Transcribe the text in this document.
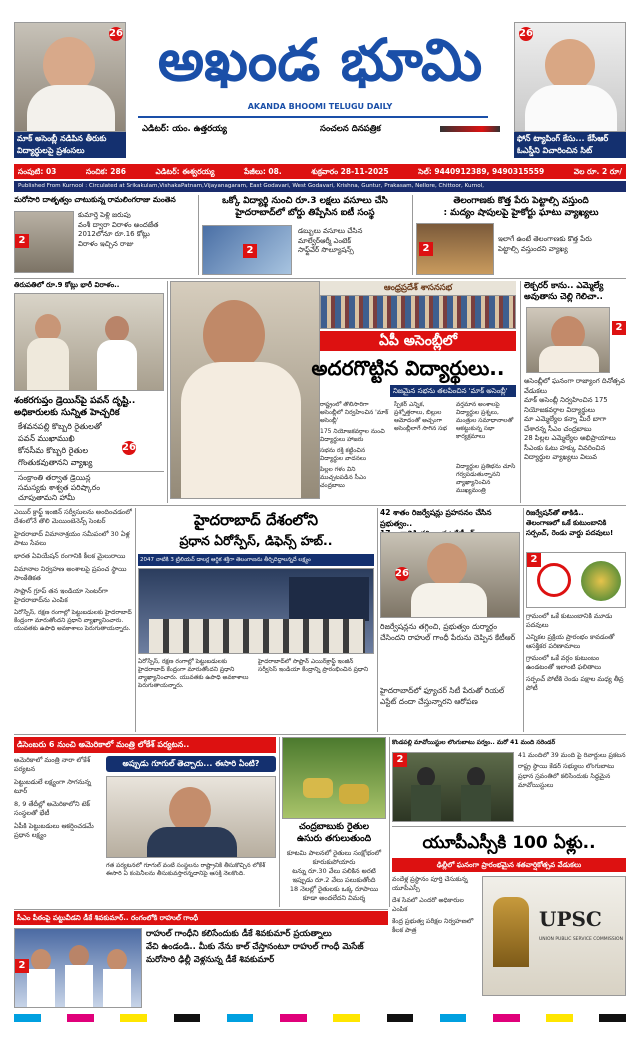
26
మాక్ అసెంబ్లీ నడిపిన తీరుకు విద్యార్థులపై ప్రశంసలు
అఖండ భూమి
AKANDA BHOOMI TELUGU DAILY
ఎడిటర్: యం. ఉత్తరయ్య	సంచలన దినపత్రిక
26
ఫోన్ ట్యాపింగ్ కేసు... కేసీఆర్ ఓఎస్డీని విచారించిన సిట్
సంపుటి: 03	సంచిక: 286	ఎడిటర్: ఈశ్వరయ్య	పేజీలు: 08.	శుక్రవారం 28-11-2025	సెల్: 9440912389, 9490315559	వెల రూ. 2 రూ/
Published From Kurnool : Circulated at Srikakulam,VishakaPatnam,Vijayanagaram, East Godavari, West Godavari, Krishna, Guntur, Prakasam, Nellore, Chittoor, Kurnol,
మరోసారి దాతృత్వం చాటుకున్న రామలింగరాజు మంతెన
2
కుమార్తె పెళ్లి జరుపు
వంశీ ద్వారా విరాళం అందజేత
2012లోనూ రూ.16 కోట్లు
విరాళం ఇచ్చిన రాజు
ఒక్కో విద్యార్థి నుంచి రూ.3 లక్షలు వసూలు చేసి
హైదరాబాద్‌లో బోర్డు తిప్పేసిన ఐటీ సంస్థ
2
డబ్బులు వసూలు చేసిన
మాల్వేర్‌ఆర్మీ ఎంటెక్
సాఫ్ట్‌వేర్ సొల్యూషన్స్
తెలంగాణకు కొత్త పేరు పెట్టాల్సి వస్తుంది
: మద్యం షాపులపై హైకోర్టు ఘాటు వ్యాఖ్యలు
2
ఇలాగే ఉంటే తెలంగాణకు కొత్త పేరు
పెట్టాల్సి వస్తుందని వ్యాఖ్య
తిరుపతిలో రూ.9 కోట్లు భారీ విరాళం..
శంకరగుప్తం డ్రెయిన్‌పై పవన్ దృష్టి..
అధికారులకు సున్నిత హెచ్చరిక
కేశవనపల్లి కొబ్బరి రైతులతో
పవన్ ముఖాముఖి
కోనసీమ కొబ్బరి రైతుల
గొంతుకవుతానని వ్యాఖ్య
26
సంక్రాంతి తర్వాత డ్రెయిన్ల
సమస్యకు శాశ్వత పరిష్కారం
చూపుతామని హామీ
ఆంధ్రప్రదేశ్ శాసనసభ
ఏపీ అసెంబ్లీలో
అదరగొట్టిన విద్యార్థులు..
నిజమైన సభను తలపించిన 'మాక్ అసెంబ్లీ'
రాష్ట్రంలో తొలిసారిగా అసెంబ్లీలో నిర్వహించిన 'మాక్ అసెంబ్లీ'
175 నియోజకవర్గాల నుంచి విద్యార్థులు హాజరు
సభను రక్తి కట్టించిన విద్యార్థుల వాదనలు
పిల్లల గళం విని ముచ్చటపడిన సీఎం చంద్రబాబు
స్పీకర్ ఎన్నిక, ప్రశ్నోత్తరాలు, బిల్లుల ఆమోదంతో అచ్చంగా అసెంబ్లీలాగే సాగిన సభ
వర్తమాన అంశాలపై విద్యార్థుల ప్రశ్నలు, మంత్రుల సమాధానాలతో ఆకట్టుకున్న సభా కార్యక్రమాలు
విద్యార్థుల ప్రతిభను చూసి గర్వపడుతున్నానని వ్యాఖ్యానించిన ముఖ్యమంత్రి
లెక్చరర్ కాను.. ఎమ్మెల్యే
అవుతాను చెల్లి గెలిచా..
2
అసెంబ్లీలో ఘనంగా రాజ్యాంగ దినోత్సవ వేడుకలు
మాక్ అసెంబ్లీ నిర్వహించిన 175 నియోజకవర్గాల విద్యార్థులు
మా ఎమ్మెల్యేల కన్నా మీరే బాగా చేశారన్న సీఎం చంద్రబాబు
28 పిల్లల ఎమ్మెల్యేల అభిప్రాయాలు
సీఎంకు ఓటు హక్కు వివరించిన విద్యార్థుల వ్యాఖ్యలు విలువ
ఎయిర్ క్రాఫ్ట్ ఇంజిన్ సర్వీసులను అందించడంలో దేశంలోనే తొలి మెయింటెనెన్స్ సెంటర్
హైదరాబాద్ విమానాశ్రయం సమీపంలో 30 ఏళ్ల పాటు సేవలు
భారత ఏవియేషన్ రంగానికి కీలక మైలురాయి
విమానాల నిర్వహణ అంశాలపై ప్రపంచ స్థాయి సాంకేతికత
సాఫ్రాన్ గ్రూప్ తన ఇండియా సెంటర్‌గా హైదరాబాద్‌ను ఎంపిక
ఏరోస్పేస్, రక్షణ రంగాల్లో పెట్టుబడులకు హైదరాబాద్ కేంద్రంగా మారుతోందని ప్రధాని వ్యాఖ్యానించారు. యువతకు ఉపాధి అవకాశాలు పెరుగుతాయన్నారు.
హైదరాబాద్ దేశంలోని
ప్రధాన ఏరోస్పేస్, డిఫెన్స్ హబ్..
2047 నాటికి 3 ట్రిలియన్ డాలర్ల ఆర్థిక శక్తిగా తెలంగాణను తీర్చిదిద్దాలన్నదే లక్ష్యం
హైదరాబాద్‌లో సాఫ్రాన్ ఎయిర్‌క్రాఫ్ట్ ఇంజిన్ సర్వీసెస్ ఇండియా కేంద్రాన్ని ప్రారంభించిన ప్రధాని
ఏరోస్పేస్, రక్షణ రంగాల్లో పెట్టుబడులకు హైదరాబాద్ కేంద్రంగా మారుతోందని ప్రధాని వ్యాఖ్యానించారు. యువతకు ఉపాధి అవకాశాలు పెరుగుతాయన్నారు.
42 శాతం రిజర్వేషన్లు ప్రహసనం చేసిన ప్రభుత్వం..

26
రిజర్వేషన్లను తగ్గించి, ప్రభుత్వం దుర్మార్గం చేసిందని రాహుల్ గాంధీ పేరును చెప్పిన కేటీఆర్
హైదరాబాద్‌లో ఫ్యూచర్ సిటీ పేరుతో రియల్ ఎస్టేట్ దందా చేస్తున్నారని ఆరోపణ
రిజర్వేషన్‌తో తాకిడి..
తెలంగాణలో ఒకే కుటుంబానికి
సర్పంచ్, రెండు వార్డు పదవులు!
2
గ్రామంలో ఒకే కుటుంబానికి మూడు పదవులు
ఎన్నికల ప్రక్రియ ప్రారంభం కావడంతో ఆసక్తికర పరిణామాలు
గ్రామంలో ఒకే వర్గం కుటుంబం ఉండటంతో ఇలాంటి ఫలితాలు
సర్పంచ్ పోటీకి రెండు పక్షాల మధ్య తీవ్ర పోటీ
డిసెంబరు 6 నుంచి అమెరికాలో మంత్రి లోకేశ్ పర్యటన..
అప్పుడు గూగుల్ తెచ్చారు... ఈసారి ఏంటి?
అమెరికాలో మంత్రి నారా లోకేశ్ పర్యటన
పెట్టుబడులే లక్ష్యంగా సాగనున్న టూర్
8, 9 తేదీల్లో అమెరికాలోని టెక్ సంస్థలతో భేటీ
ఏపీకి పెట్టుబడులు ఆకర్షించడమే ప్రధాన లక్ష్యం
గత పర్యటనలో గూగుల్ వంటి సంస్థలను రాష్ట్రానికి తీసుకొచ్చిన లోకేశ్ ఈసారి ఏ కంపెనీలను తీసుకువస్తారన్నదానిపై ఆసక్తి నెలకొంది.
చంద్రబాబుకు రైతుల
ఉసురు తగులుతుంది
కూటమి పాలనలో రైతులు సంక్షోభంలో కూరుకుపోయారు
టన్ను రూ.30 వేలు పలికిన అరటి ఇప్పుడు రూ.2 వేలు పలుకుతోంది
18 నెలల్లో రైతులకు ఒక్క రూపాయి కూడా అందలేదని విమర్శ
కొండపల్లి మావోయిస్టుల లొంగుబాటు పర్వం.. మరో 41 మంది సరెండర్
2	41 మందిలో 39 మంది పై రివార్డులు ప్రకటన
రాష్ట్ర స్థాయి కేడర్ సభ్యులు లొంగుబాటు
ప్రధాన స్రవంతిలో కలిసేందుకు సిద్ధమైన మావోయిస్టులు
యూపీఎస్సీకి 100 ఏళ్లు..
ఢిల్లీలో ఘనంగా ప్రారంభమైన శతవార్షికోత్సవ వేడుకలు
వందేళ్ల ప్రస్థానం పూర్తి చేసుకున్న యూపీఎస్సీ
దేశ సేవలో ఎందరో అధికారుల ఎంపిక
కేంద్ర ప్రభుత్వ పరీక్షల నిర్వహణలో కీలక పాత్ర	UPSC
UNION PUBLIC SERVICE COMMISSION
సీఎం పీఠంపై పట్టువీడని డీకే శివకుమార్.. రంగంలోకి రాహుల్ గాంధీ
2
రాహుల్ గాంధీని కలిసేందుకు డీకే శివకుమార్ ప్రయత్నాలు
వేచి ఉండండి.. మీకు నేను కాల్ చేస్తానంటూ రాహుల్ గాంధీ మెసేజ్
మరోసారి ఢిల్లీ వెళ్లనున్న డీకే శివకుమార్
